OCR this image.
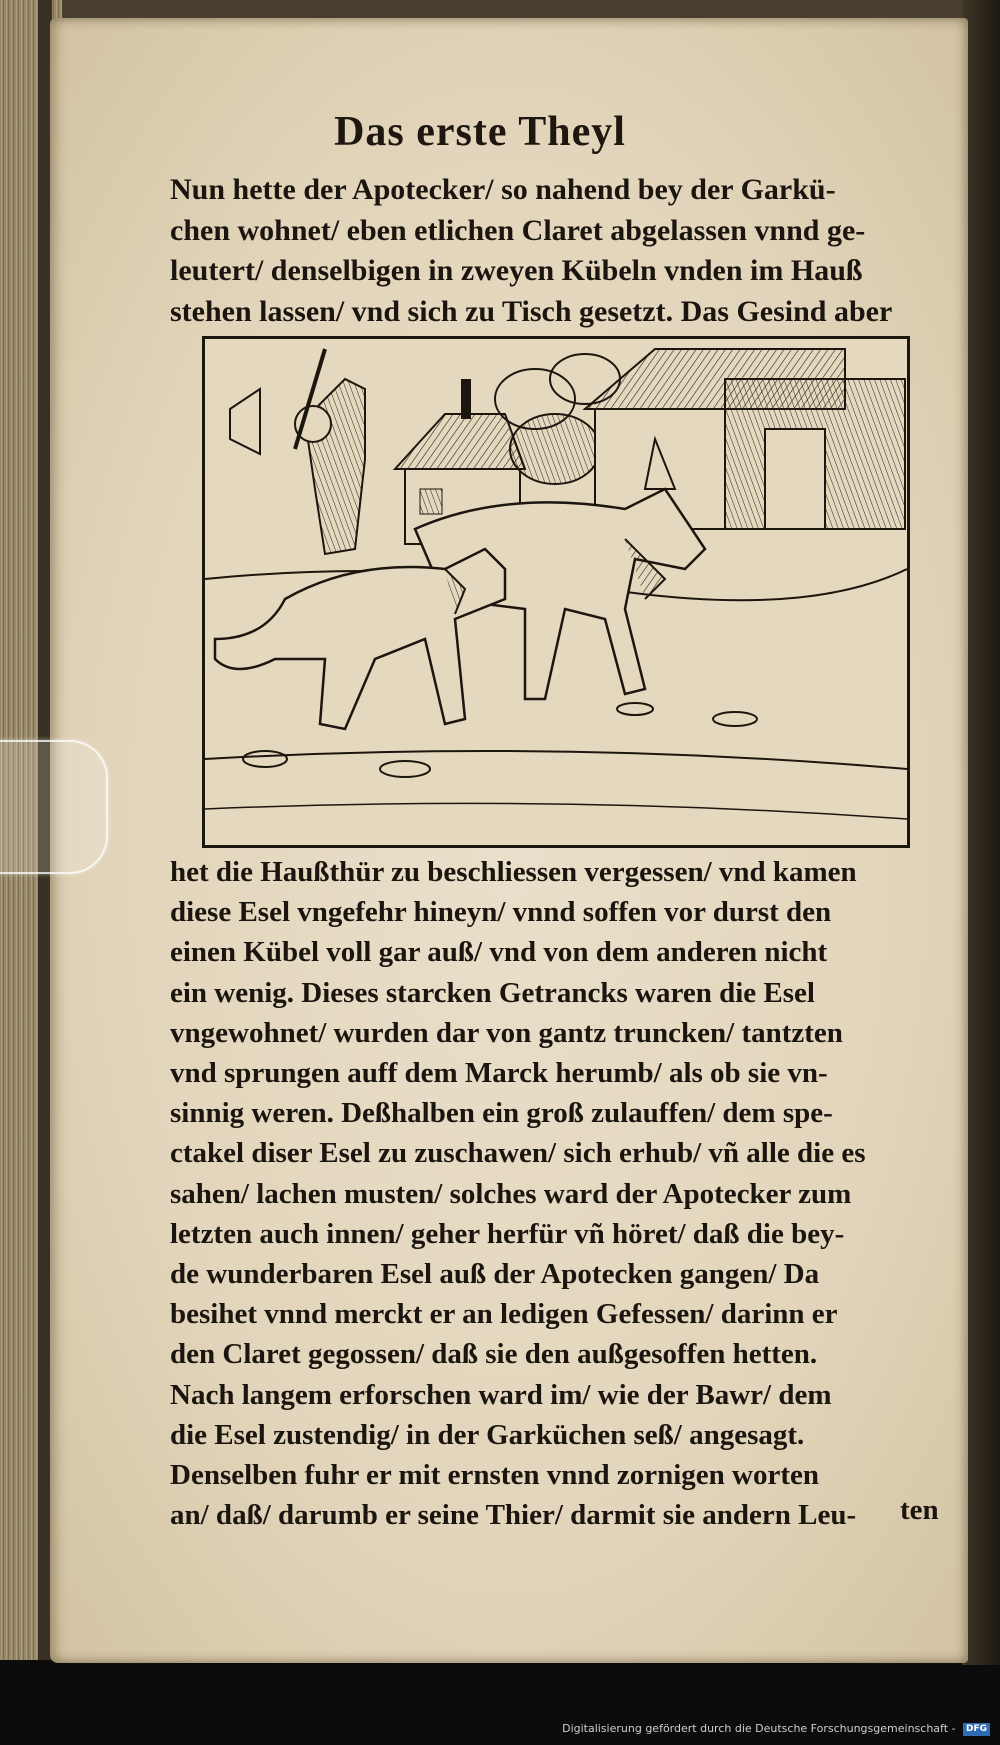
Das erste Theyl
Nun hette der Apotecker/ so nahend bey der Garkü-
chen wohnet/ eben etlichen Claret abgelassen vnnd ge-
leutert/ denselbigen in zweyen Kübeln vnden im Hauß
stehen lassen/ vnd sich zu Tisch gesetzt. Das Gesind aber
het die Haußthür zu beschliessen vergessen/ vnd kamen
diese Esel vngefehr hineyn/ vnnd soffen vor durst den
einen Kübel voll gar auß/ vnd von dem anderen nicht
ein wenig. Dieses starcken Getrancks waren die Esel
vngewohnet/ wurden dar von gantz truncken/ tantzten
vnd sprungen auff dem Marck herumb/ als ob sie vn-
sinnig weren. Deßhalben ein groß zulauffen/ dem spe-
ctakel diser Esel zu zuschawen/ sich erhub/ vñ alle die es
sahen/ lachen musten/ solches ward der Apotecker zum
letzten auch innen/ geher herfür vñ höret/ daß die bey-
de wunderbaren Esel auß der Apotecken gangen/ Da
besihet vnnd merckt er an ledigen Gefessen/ darinn er
den Claret gegossen/ daß sie den außgesoffen hetten.
Nach langem erforschen ward im/ wie der Bawr/ dem
die Esel zustendig/ in der Garküchen seß/ angesagt.
Denselben fuhr er mit ernsten vnnd zornigen worten
an/ daß/ darumb er seine Thier/ darmit sie andern Leu-	ten
Digitalisierung gefördert durch die Deutsche Forschungsgemeinschaft - DFG
